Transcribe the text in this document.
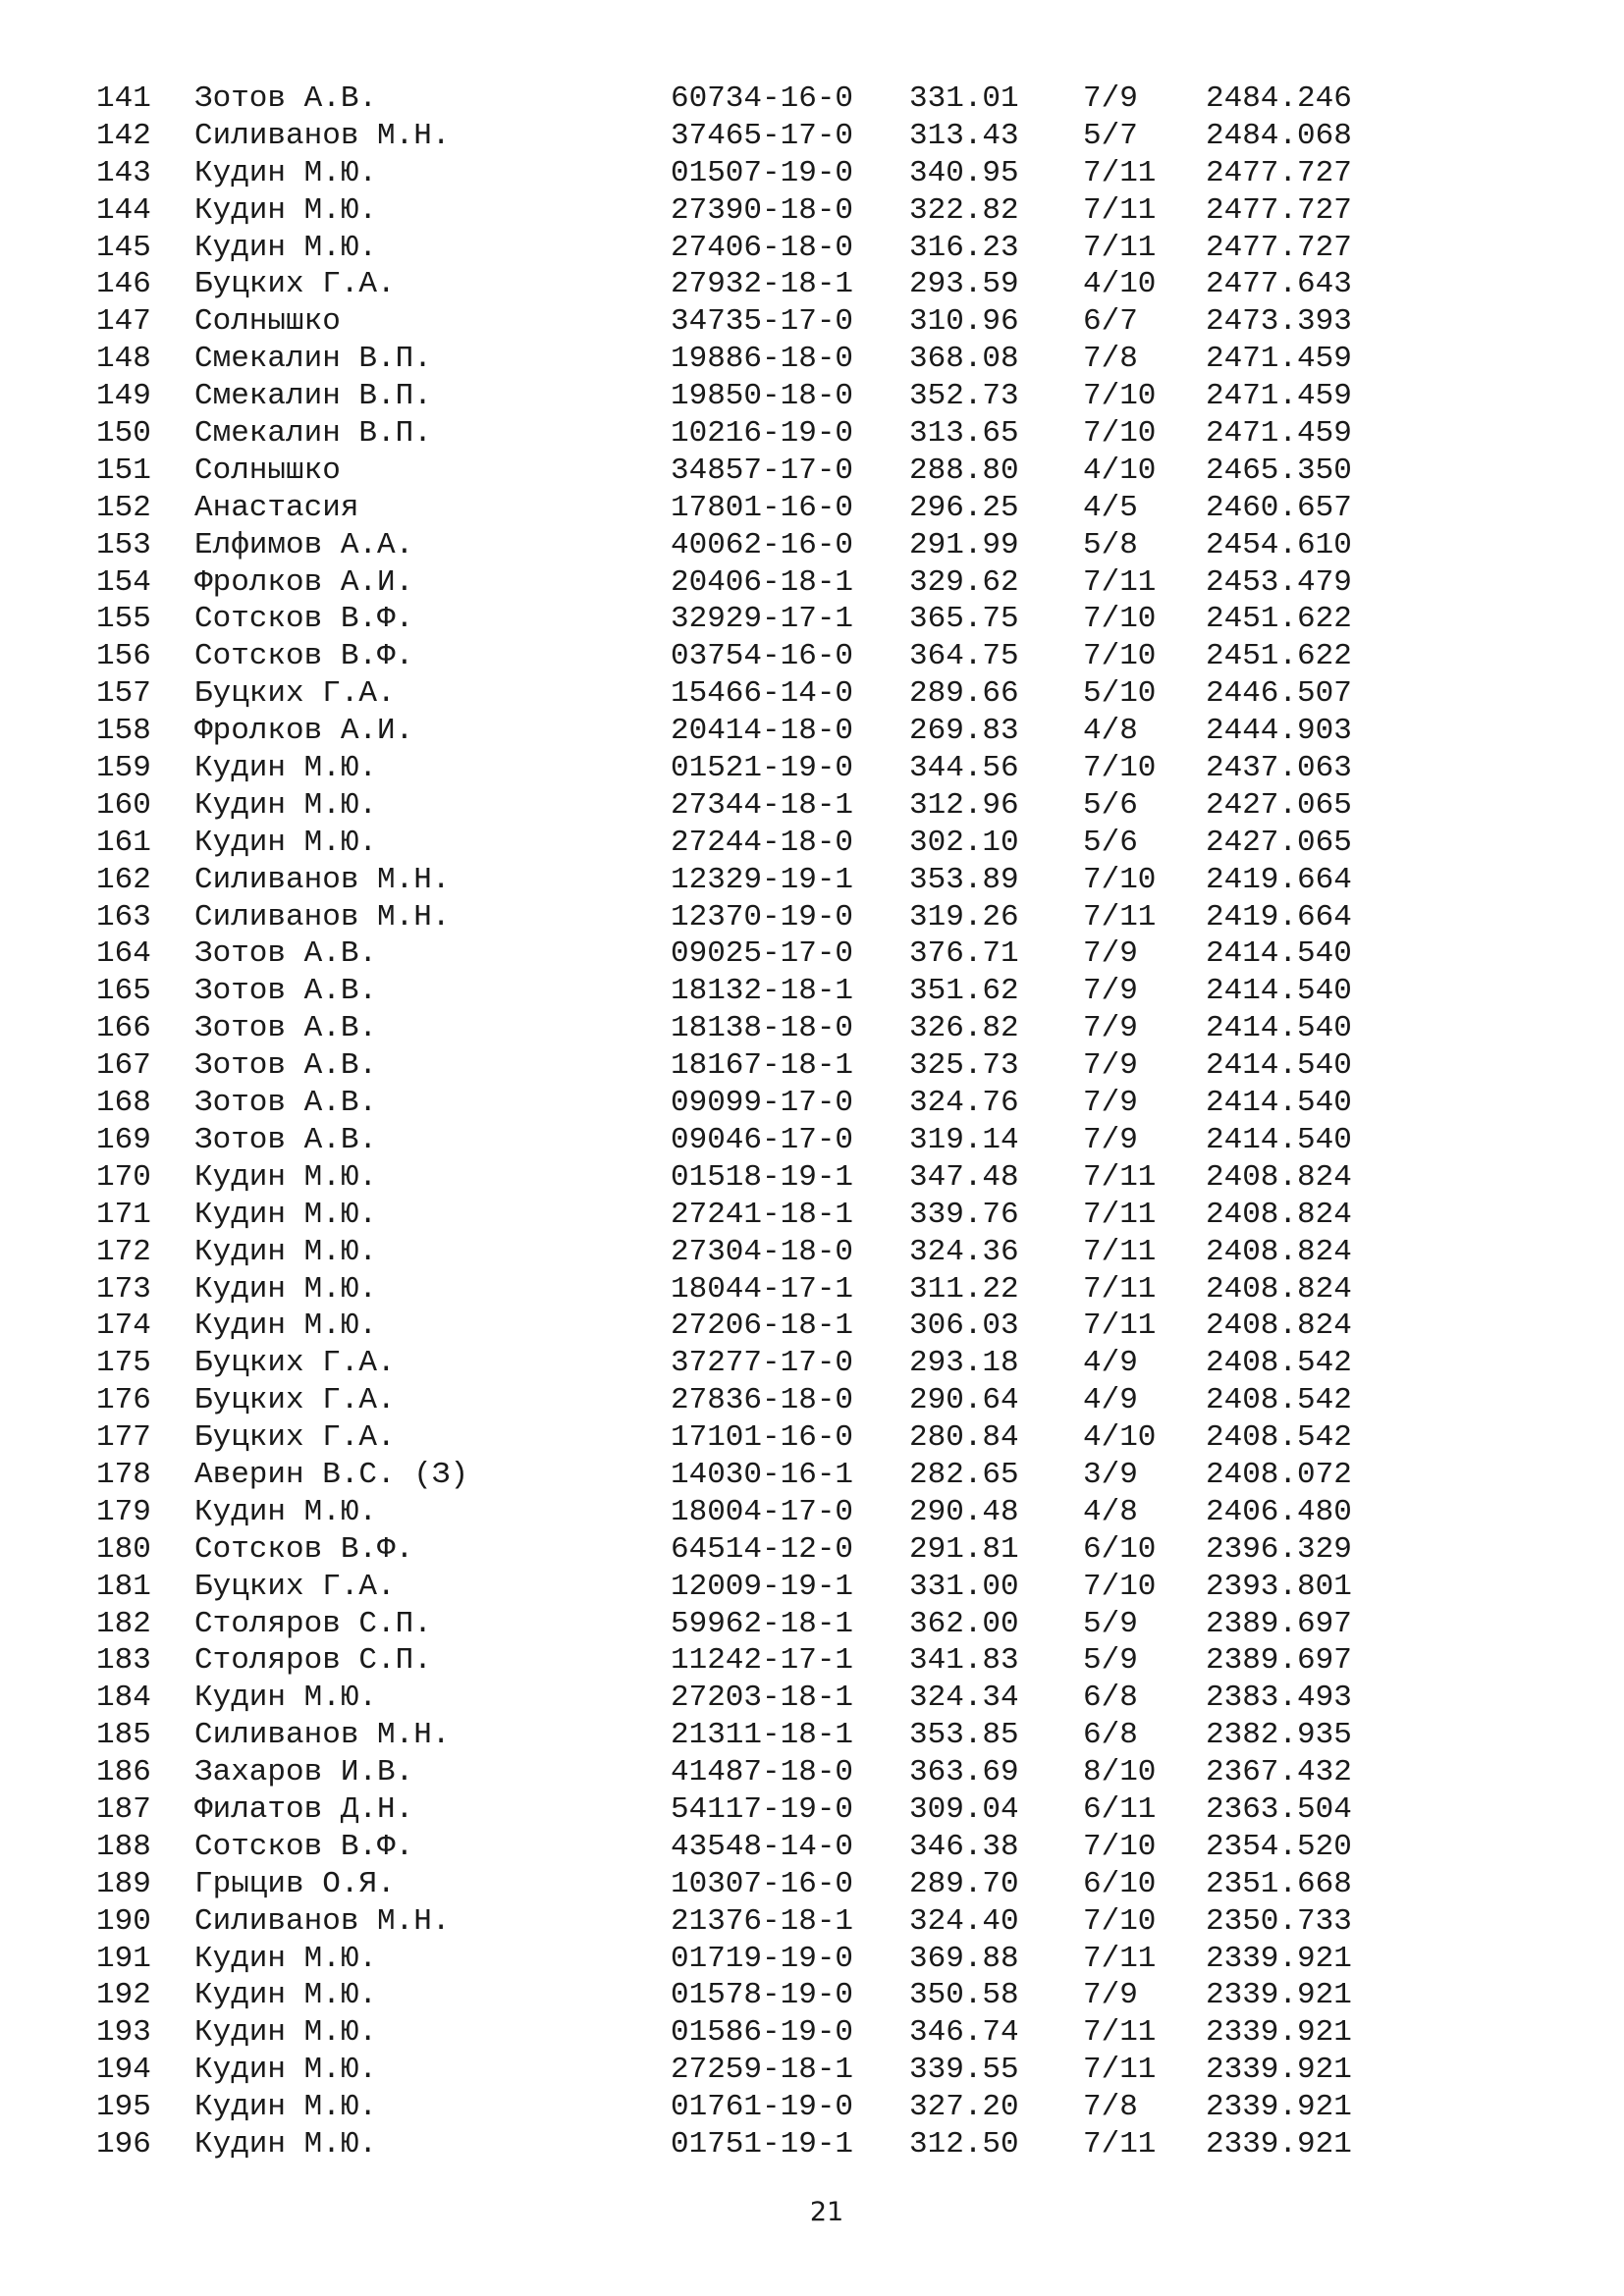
141 Зотов А.В.	60734-16-0 331.01 7/9 2484.246
142 Силиванов М.Н.	37465-17-0 313.43 5/7 2484.068
143 Кудин М.Ю.	01507-19-0 340.95 7/11 2477.727
144 Кудин М.Ю.	27390-18-0 322.82 7/11 2477.727
145 Кудин М.Ю.	27406-18-0 316.23 7/11 2477.727
146 Буцких Г.А.	27932-18-1 293.59 4/10 2477.643
147 Солнышко	34735-17-0 310.96 6/7 2473.393
148 Смекалин В.П.	19886-18-0 368.08 7/8 2471.459
149 Смекалин В.П.	19850-18-0 352.73 7/10 2471.459
150 Смекалин В.П.	10216-19-0 313.65 7/10 2471.459
151 Солнышко	34857-17-0 288.80 4/10 2465.350
152 Анастасия	17801-16-0 296.25 4/5 2460.657
153 Елфимов А.А.	40062-16-0 291.99 5/8 2454.610
154 Фролков А.И.	20406-18-1 329.62 7/11 2453.479
155 Сотсков В.Ф.	32929-17-1 365.75 7/10 2451.622
156 Сотсков В.Ф.	03754-16-0 364.75 7/10 2451.622
157 Буцких Г.А.	15466-14-0 289.66 5/10 2446.507
158 Фролков А.И.	20414-18-0 269.83 4/8 2444.903
159 Кудин М.Ю.	01521-19-0 344.56 7/10 2437.063
160 Кудин М.Ю.	27344-18-1 312.96 5/6 2427.065
161 Кудин М.Ю.	27244-18-0 302.10 5/6 2427.065
162 Силиванов М.Н.	12329-19-1 353.89 7/10 2419.664
163 Силиванов М.Н.	12370-19-0 319.26 7/11 2419.664
164 Зотов А.В.	09025-17-0 376.71 7/9 2414.540
165 Зотов А.В.	18132-18-1 351.62 7/9 2414.540
166 Зотов А.В.	18138-18-0 326.82 7/9 2414.540
167 Зотов А.В.	18167-18-1 325.73 7/9 2414.540
168 Зотов А.В.	09099-17-0 324.76 7/9 2414.540
169 Зотов А.В.	09046-17-0 319.14 7/9 2414.540
170 Кудин М.Ю.	01518-19-1 347.48 7/11 2408.824
171 Кудин М.Ю.	27241-18-1 339.76 7/11 2408.824
172 Кудин М.Ю.	27304-18-0 324.36 7/11 2408.824
173 Кудин М.Ю.	18044-17-1 311.22 7/11 2408.824
174 Кудин М.Ю.	27206-18-1 306.03 7/11 2408.824
175 Буцких Г.А.	37277-17-0 293.18 4/9 2408.542
176 Буцких Г.А.	27836-18-0 290.64 4/9 2408.542
177 Буцких Г.А.	17101-16-0 280.84 4/10 2408.542
178 Аверин В.С. (З)	14030-16-1 282.65 3/9 2408.072
179 Кудин М.Ю.	18004-17-0 290.48 4/8 2406.480
180 Сотсков В.Ф.	64514-12-0 291.81 6/10 2396.329
181 Буцких Г.А.	12009-19-1 331.00 7/10 2393.801
182 Столяров С.П.	59962-18-1 362.00 5/9 2389.697
183 Столяров С.П.	11242-17-1 341.83 5/9 2389.697
184 Кудин М.Ю.	27203-18-1 324.34 6/8 2383.493
185 Силиванов М.Н.	21311-18-1 353.85 6/8 2382.935
186 Захаров И.В.	41487-18-0 363.69 8/10 2367.432
187 Филатов Д.Н.	54117-19-0 309.04 6/11 2363.504
188 Сотсков В.Ф.	43548-14-0 346.38 7/10 2354.520
189 Грыцив О.Я.	10307-16-0 289.70 6/10 2351.668
190 Силиванов М.Н.	21376-18-1 324.40 7/10 2350.733
191 Кудин М.Ю.	01719-19-0 369.88 7/11 2339.921
192 Кудин М.Ю.	01578-19-0 350.58 7/9 2339.921
193 Кудин М.Ю.	01586-19-0 346.74 7/11 2339.921
194 Кудин М.Ю.	27259-18-1 339.55 7/11 2339.921
195 Кудин М.Ю.	01761-19-0 327.20 7/8 2339.921
196 Кудин М.Ю.	01751-19-1 312.50 7/11 2339.921
21
